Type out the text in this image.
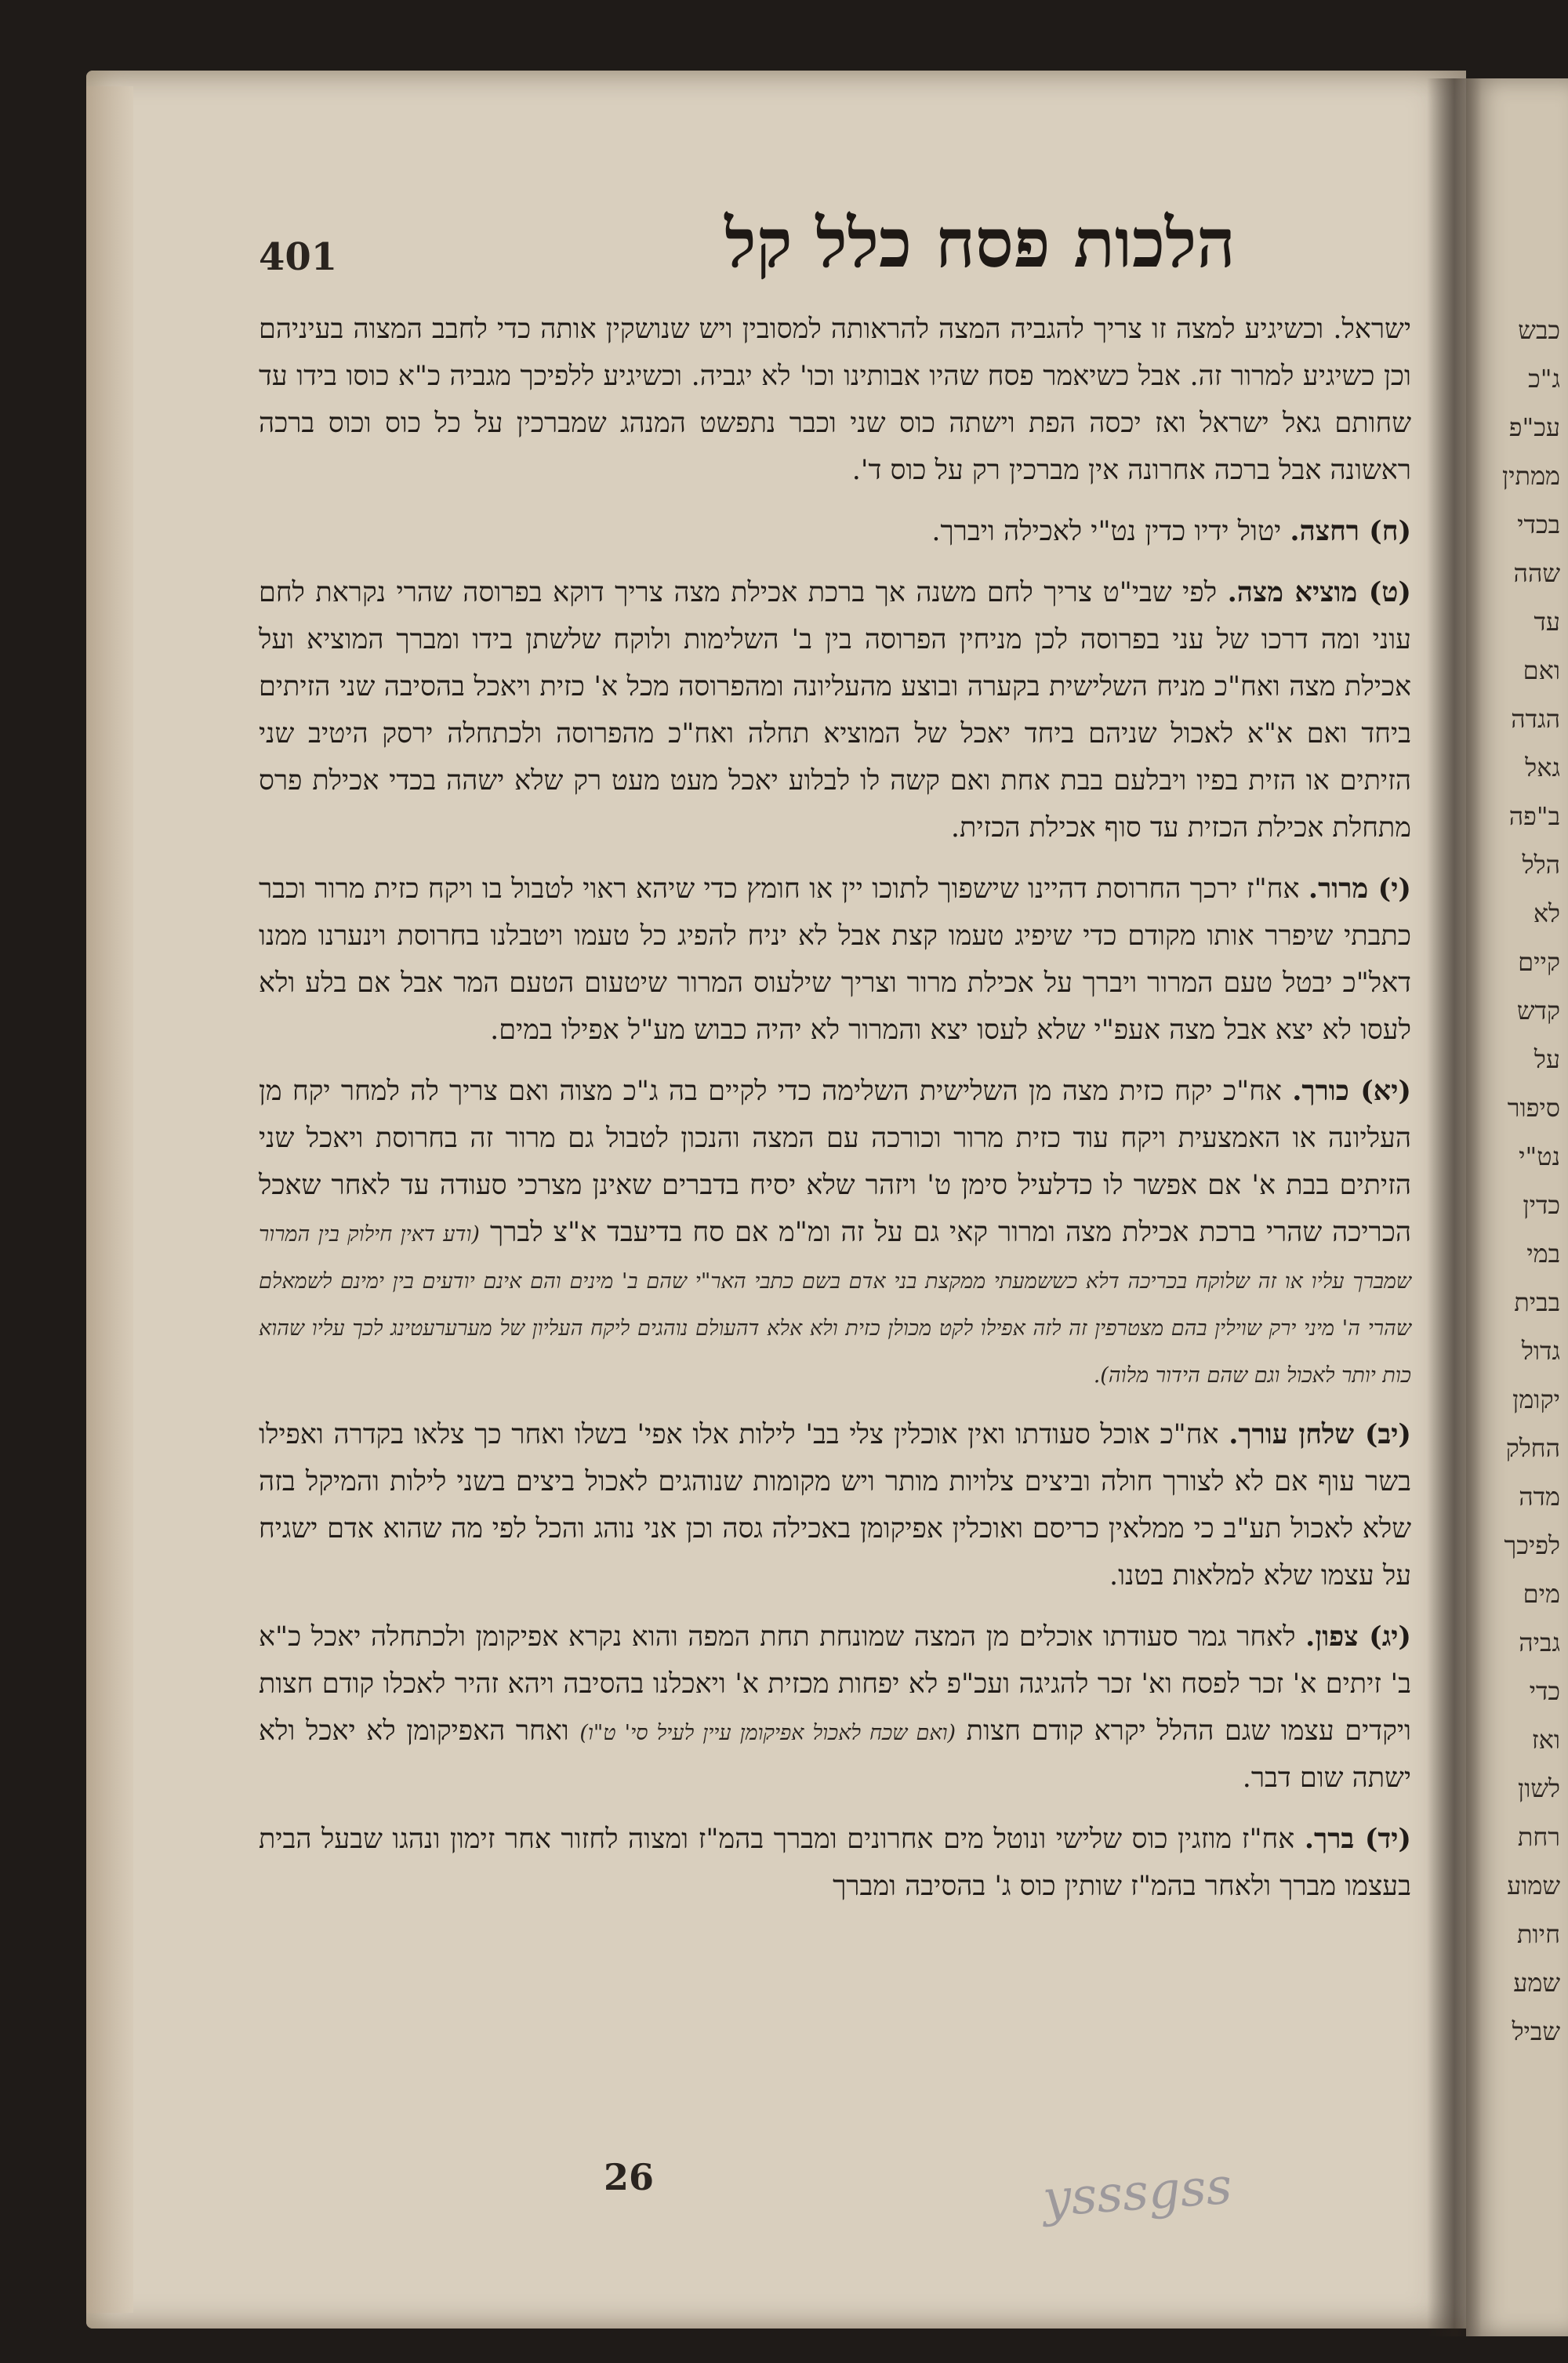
401	הלכות פסח כלל קל

ישראל. וכשיגיע למצה זו צריך להגביה המצה להראותה למסובין ויש שנושקין אותה כדי לחבב המצוה בעיניהם וכן כשיגיע למרור זה. אבל כשיאמר פסח שהיו אבותינו וכו' לא יגביה. וכשיגיע ללפיכך מגביה כ"א כוסו בידו עד שחותם גאל ישראל ואז יכסה הפת וישתה כוס שני וכבר נתפשט המנהג שמברכין על כל כוס וכוס ברכה ראשונה אבל ברכה אחרונה אין מברכין רק על כוס ד'.

(ח) רחצה. יטול ידיו כדין נט"י לאכילה ויברך.

(ט) מוציא מצה. לפי שבי"ט צריך לחם משנה אך ברכת אכילת מצה צריך דוקא בפרוסה שהרי נקראת לחם עוני ומה דרכו של עני בפרוסה לכן מניחין הפרוסה בין ב' השלימות ולוקח שלשתן בידו ומברך המוציא ועל אכילת מצה ואח"כ מניח השלישית בקערה ובוצע מהעליונה ומהפרוסה מכל א' כזית ויאכל בהסיבה שני הזיתים ביחד ואם א"א לאכול שניהם ביחד יאכל של המוציא תחלה ואח"כ מהפרוסה ולכתחלה ירסק היטיב שני הזיתים או הזית בפיו ויבלעם בבת אחת ואם קשה לו לבלוע יאכל מעט מעט רק שלא ישהה בכדי אכילת פרס מתחלת אכילת הכזית עד סוף אכילת הכזית.

(י) מרור. אח"ז ירכך החרוסת דהיינו שישפוך לתוכו יין או חומץ כדי שיהא ראוי לטבול בו ויקח כזית מרור וכבר כתבתי שיפרר אותו מקודם כדי שיפיג טעמו קצת אבל לא יניח להפיג כל טעמו ויטבלנו בחרוסת וינערנו ממנו דאל"כ יבטל טעם המרור ויברך על אכילת מרור וצריך שילעוס המרור שיטעום הטעם המר אבל אם בלע ולא לעסו לא יצא אבל מצה אעפ"י שלא לעסו יצא והמרור לא יהיה כבוש מע"ל אפילו במים.

(יא) כורך. אח"כ יקח כזית מצה מן השלישית השלימה כדי לקיים בה ג"כ מצוה ואם צריך לה למחר יקח מן העליונה או האמצעית ויקח עוד כזית מרור וכורכה עם המצה והנכון לטבול גם מרור זה בחרוסת ויאכל שני הזיתים בבת א' אם אפשר לו כדלעיל סימן ט' ויזהר שלא יסיח בדברים שאינן מצרכי סעודה עד לאחר שאכל הכריכה שהרי ברכת אכילת מצה ומרור קאי גם על זה ומ"מ אם סח בדיעבד א"צ לברך (ודע דאין חילוק בין המרור שמברך עליו או זה שלוקח בכריכה דלא כששמעתי ממקצת בני אדם בשם כתבי האר"י שהם ב' מינים והם אינם יודעים בין ימינם לשמאלם שהרי ה' מיני ירק שוילין בהם מצטרפין זה לזה אפילו לקט מכולן כזית ולא אלא דהעולם נוהגים ליקח העליון של מערערעטינג לכך עליו שהוא כות יותר לאכול וגם שהם הידור מלוה).

(יב) שלחן עורך. אח"כ אוכל סעודתו ואין אוכלין צלי בב' לילות אלו אפי' בשלו ואחר כך צלאו בקדרה ואפילו בשר עוף אם לא לצורך חולה וביצים צלויות מותר ויש מקומות שנוהגים לאכול ביצים בשני לילות והמיקל בזה שלא לאכול תע"ב כי ממלאין כריסם ואוכלין אפיקומן באכילה גסה וכן אני נוהג והכל לפי מה שהוא אדם ישגיח על עצמו שלא למלאות בטנו.

(יג) צפון. לאחר גמר סעודתו אוכלים מן המצה שמונחת תחת המפה והוא נקרא אפיקומן ולכתחלה יאכל כ"א ב' זיתים א' זכר לפסח וא' זכר להגיגה ועכ"פ לא יפחות מכזית א' ויאכלנו בהסיבה ויהא זהיר לאכלו קודם חצות ויקדים עצמו שגם ההלל יקרא קודם חצות (ואם שכח לאכול אפיקומן עיין לעיל סי' ט"ו) ואחר האפיקומן לא יאכל ולא ישתה שום דבר.

(יד) ברך. אח"ז מוזגין כוס שלישי ונוטל מים אחרונים ומברך בהמ"ז ומצוה לחזור אחר זימון ונהגו שבעל הבית בעצמו מברך ולאחר בהמ"ז שותין כוס ג' בהסיבה ומברך

26	ysssgss
כבש
ג"כ
עכ"פ
ממתין
בכדי
שהה
עד
ואם
הגדה
גאל
ב"פה
הלל
לא
קיים
קדש
על
סיפור
נט"י
כדין
במי
בבית
גדול
יקומן
החלק
מדה
לפיכך
מים
גביה
כדי
ואז
לשון
רחת
שמוע
חיות
שמע
שביל
